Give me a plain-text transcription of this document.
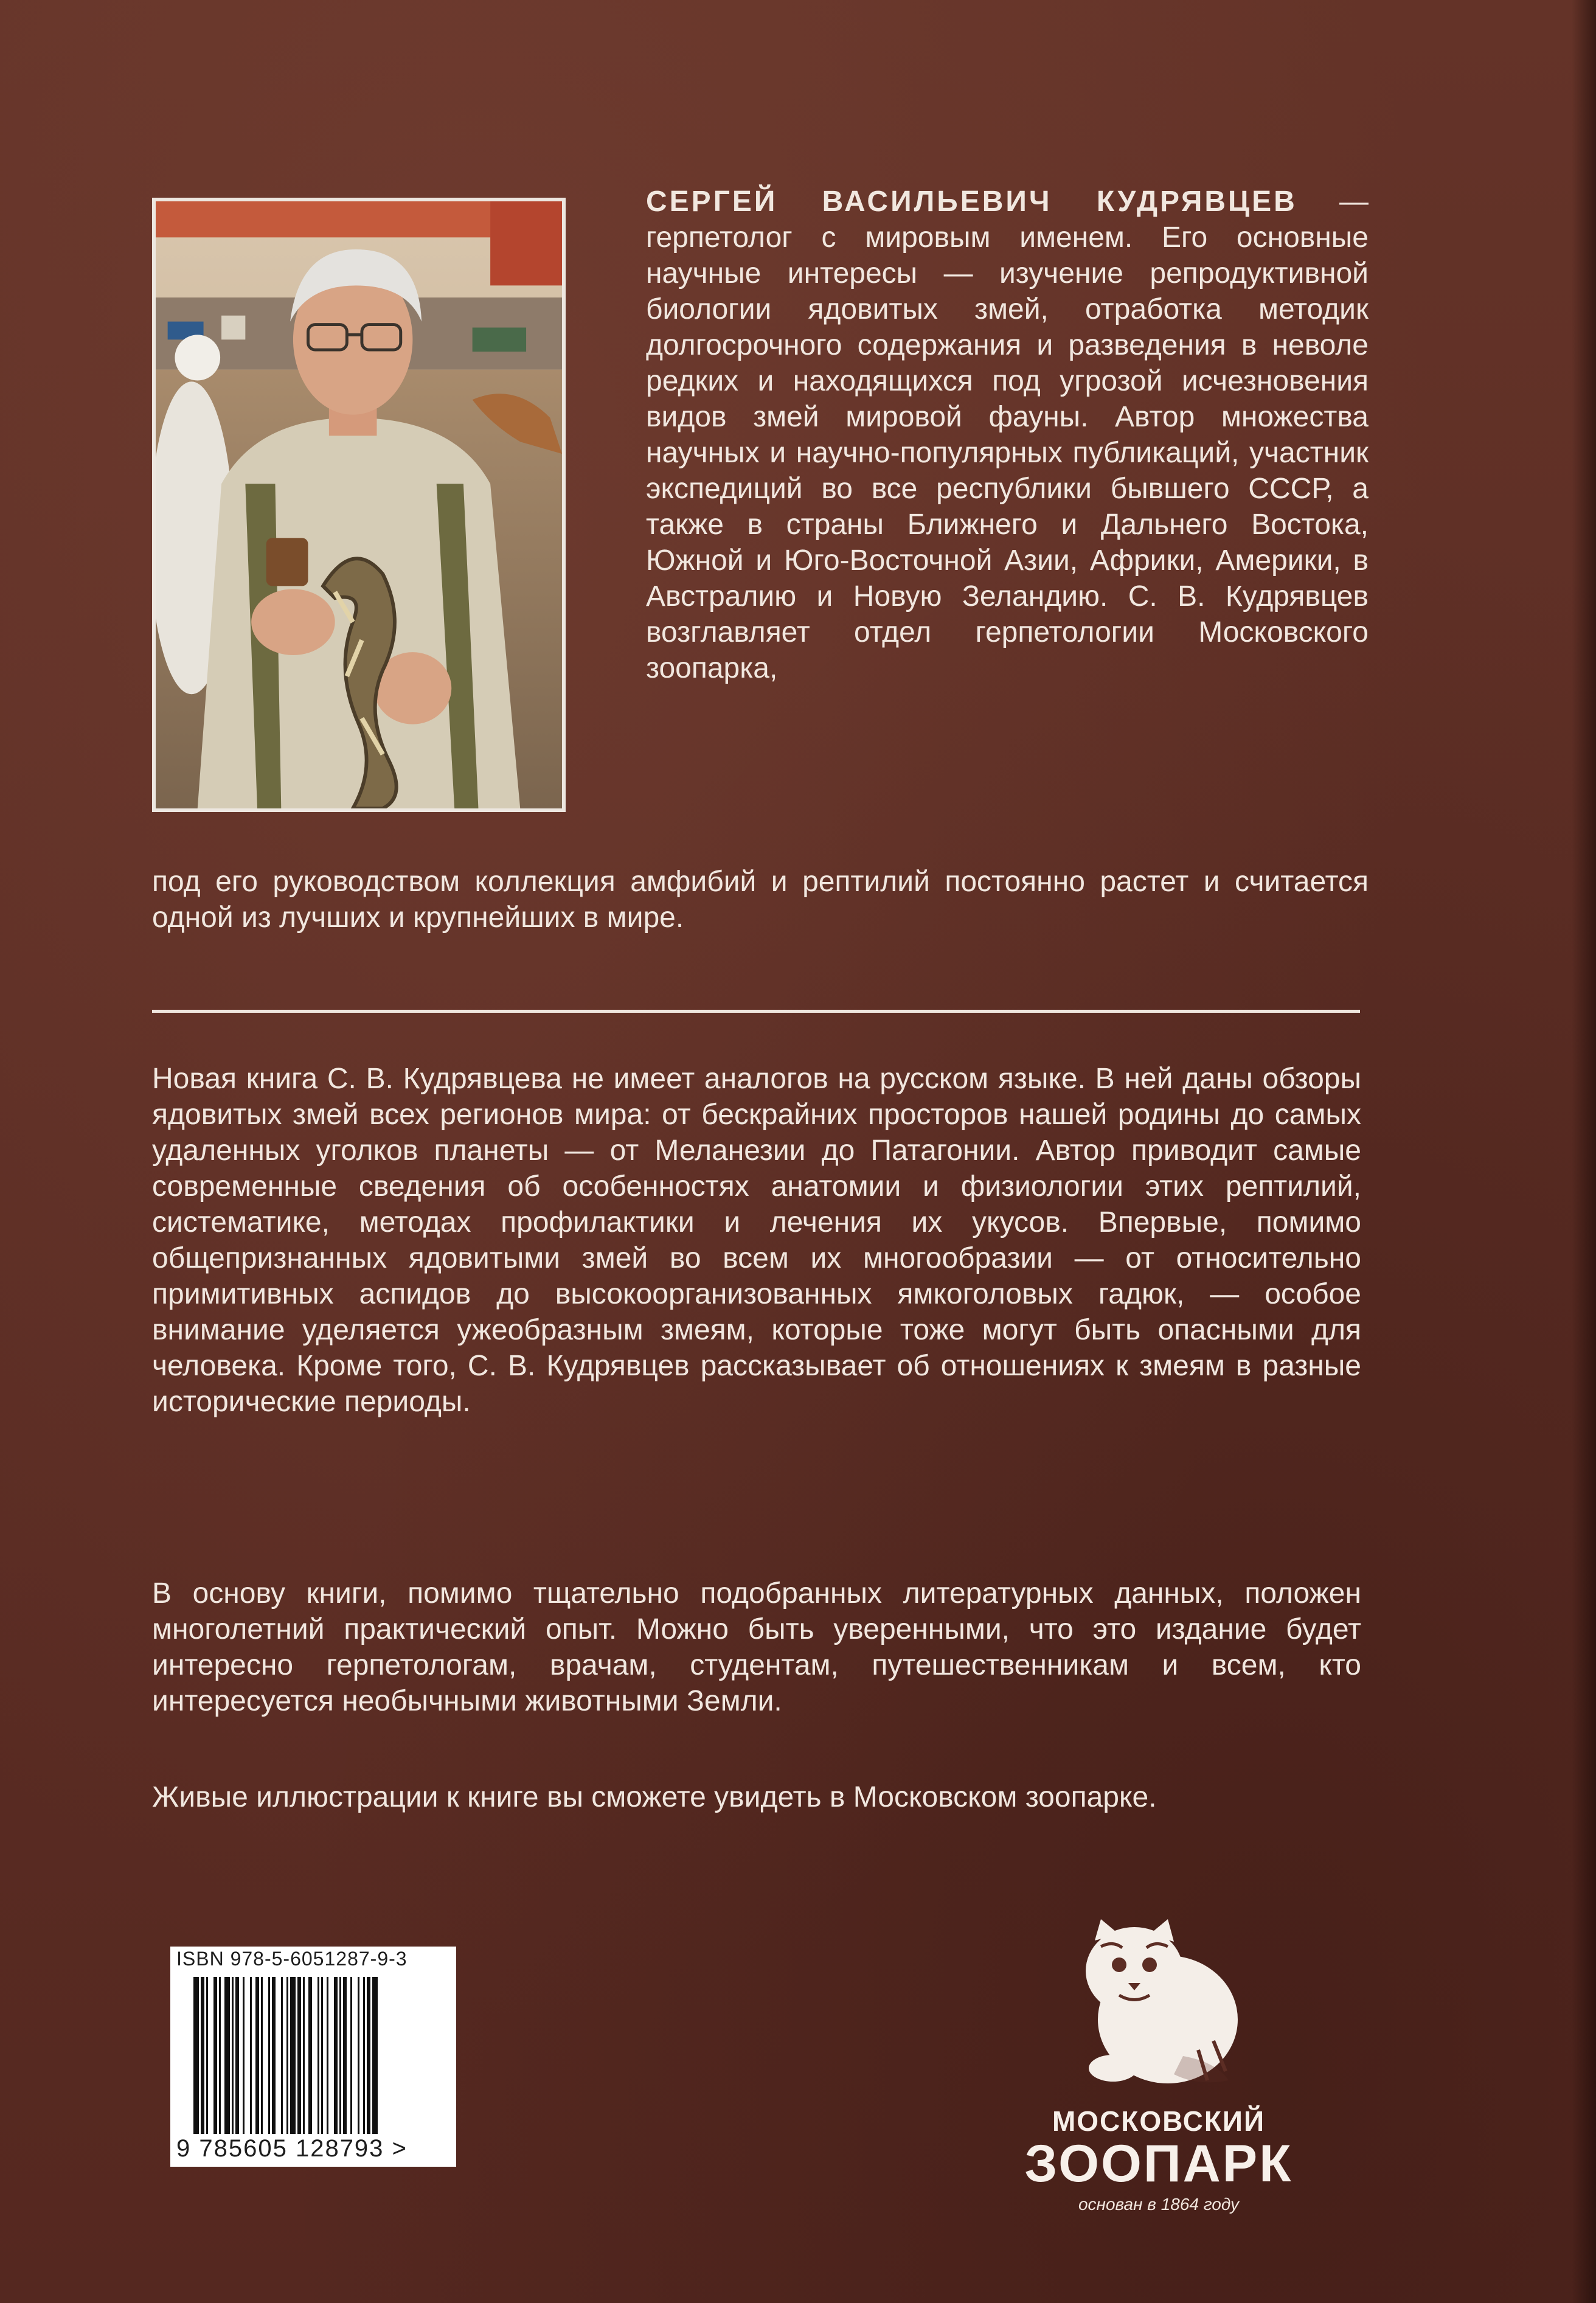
СЕРГЕЙ ВАСИЛЬЕВИЧ КУДРЯВЦЕВ — герпетолог с мировым именем. Его основные научные интересы — изучение репродуктивной биологии ядовитых змей, отработка методик долгосрочного содержания и разведения в неволе редких и находящихся под угрозой исчезновения видов змей мировой фауны. Автор множества научных и научно-популярных публикаций, участник экспедиций во все республики бывшего СССР, а также в страны Ближнего и Дальнего Востока, Южной и Юго-Восточной Азии, Африки, Америки, в Австралию и Новую Зеландию. С. В. Кудрявцев возглавляет отдел герпетологии Московского зоопарка,
под его руководством коллекция амфибий и рептилий постоянно растет и считается одной из лучших и крупнейших в мире.
Новая книга С. В. Кудрявцева не имеет аналогов на русском языке. В ней даны обзоры ядовитых змей всех регионов мира: от бескрайних просторов нашей родины до самых удаленных уголков планеты — от Меланезии до Патагонии. Автор приводит самые современные сведения об особенностях анатомии и физиологии этих рептилий, систематике, методах профилактики и лечения их укусов. Впервые, помимо общепризнанных ядовитыми змей во всем их многообразии — от относительно примитивных аспидов до высокоорганизованных ямкоголовых гадюк, — особое внимание уделяется ужеобразным змеям, которые тоже могут быть опасными для человека. Кроме того, С. В. Кудрявцев рассказывает об отношениях к змеям в разные исторические периоды.
В основу книги, помимо тщательно подобранных литературных данных, положен многолетний практический опыт. Можно быть уверенными, что это издание будет интересно герпетологам, врачам, студентам, путешественникам и всем, кто интересуется необычными животными Земли.
Живые иллюстрации к книге вы сможете увидеть в Московском зоопарке.
ISBN 978-5-6051287-9-3
9 785605 128793 >
МОСКОВСКИЙ
ЗООПАРК
основан в 1864 году
